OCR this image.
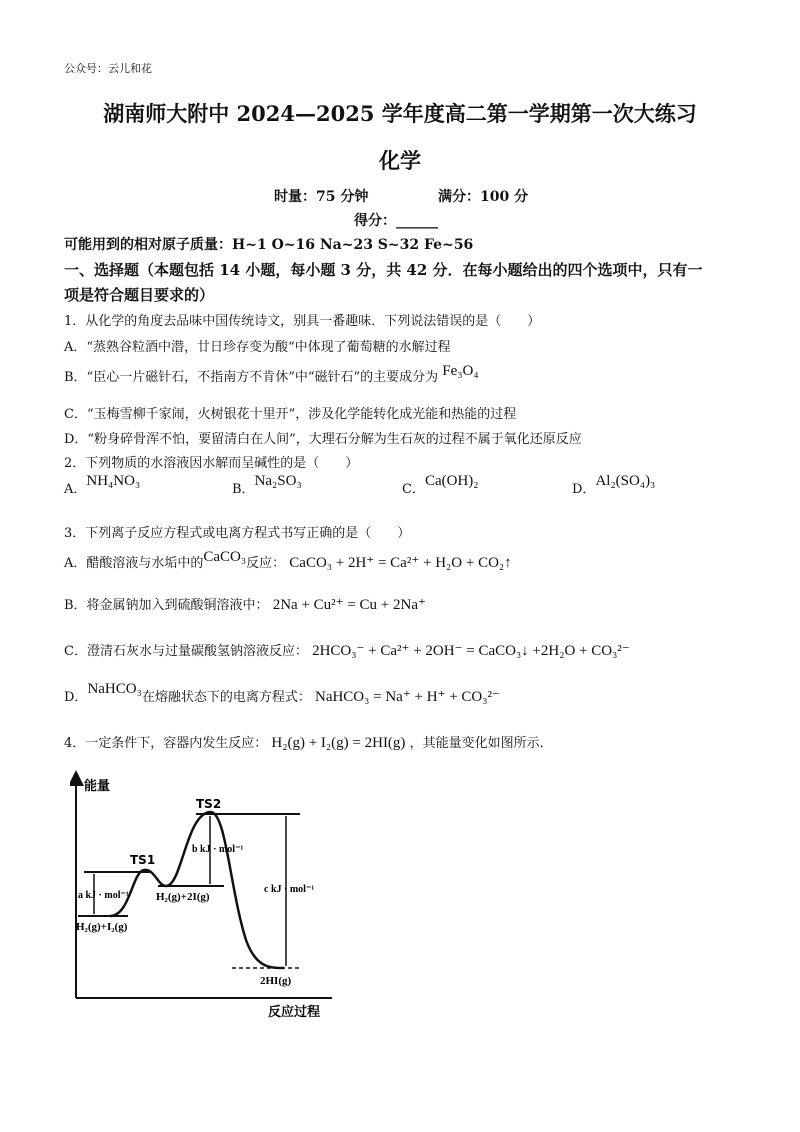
公众号：云儿和花
湖南师大附中 2024—2025 学年度高二第一学期第一次大练习
化学
时量：75 分钟	满分：100 分
得分：______
可能用到的相对原子质量：H~1 O~16 Na~23 S~32 Fe~56
一、选择题（本题包括 14 小题，每小题 3 分，共 42 分．在每小题给出的四个选项中，只有一
项是符合题目要求的）
1．从化学的角度去品味中国传统诗文，别具一番趣味．下列说法错误的是（　　）
A．“蒸熟谷粒酒中潜，廿日珍存变为酸“中体现了葡萄糖的水解过程
B．“臣心一片磁针石，不指南方不肯休”中“磁针石”的主要成分为 Fe₃O₄
C．“玉梅雪柳千家闹，火树银花十里开”，涉及化学能转化成光能和热能的过程
D．“粉身碎骨浑不怕，要留清白在人间”，大理石分解为生石灰的过程不属于氧化还原反应
2．下列物质的水溶液因水解而呈碱性的是（　　）
A．NH₄NO₃
B．Na₂SO₃
C．Ca(OH)₂
D．Al₂(SO₄)₃
3．下列离子反应方程式或电离方程式书写正确的是（　　）
A．醋酸溶液与水垢中的CaCO₃反应： CaCO₃ + 2H⁺ = Ca²⁺ + H₂O + CO₂↑
B．将金属钠加入到硫酸铜溶液中： 2Na + Cu²⁺ = Cu + 2Na⁺
C．澄清石灰水与过量碳酸氢钠溶液反应： 2HCO₃⁻ + Ca²⁺ + 2OH⁻ = CaCO₃↓ +2H₂O + CO₃²⁻
D．NaHCO₃在熔融状态下的电离方程式： NaHCO₃ = Na⁺ + H⁺ + CO₃²⁻
4．一定条件下，容器内发生反应： H₂(g) + I₂(g) = 2HI(g) ，其能量变化如图所示．
能量
反应过程
TS1
TS2
H₂(g)+I₂(g)
H₂(g)+2I(g)
2HI(g)
a kJ · mol⁻¹
b kJ · mol⁻¹
c kJ · mol⁻¹
